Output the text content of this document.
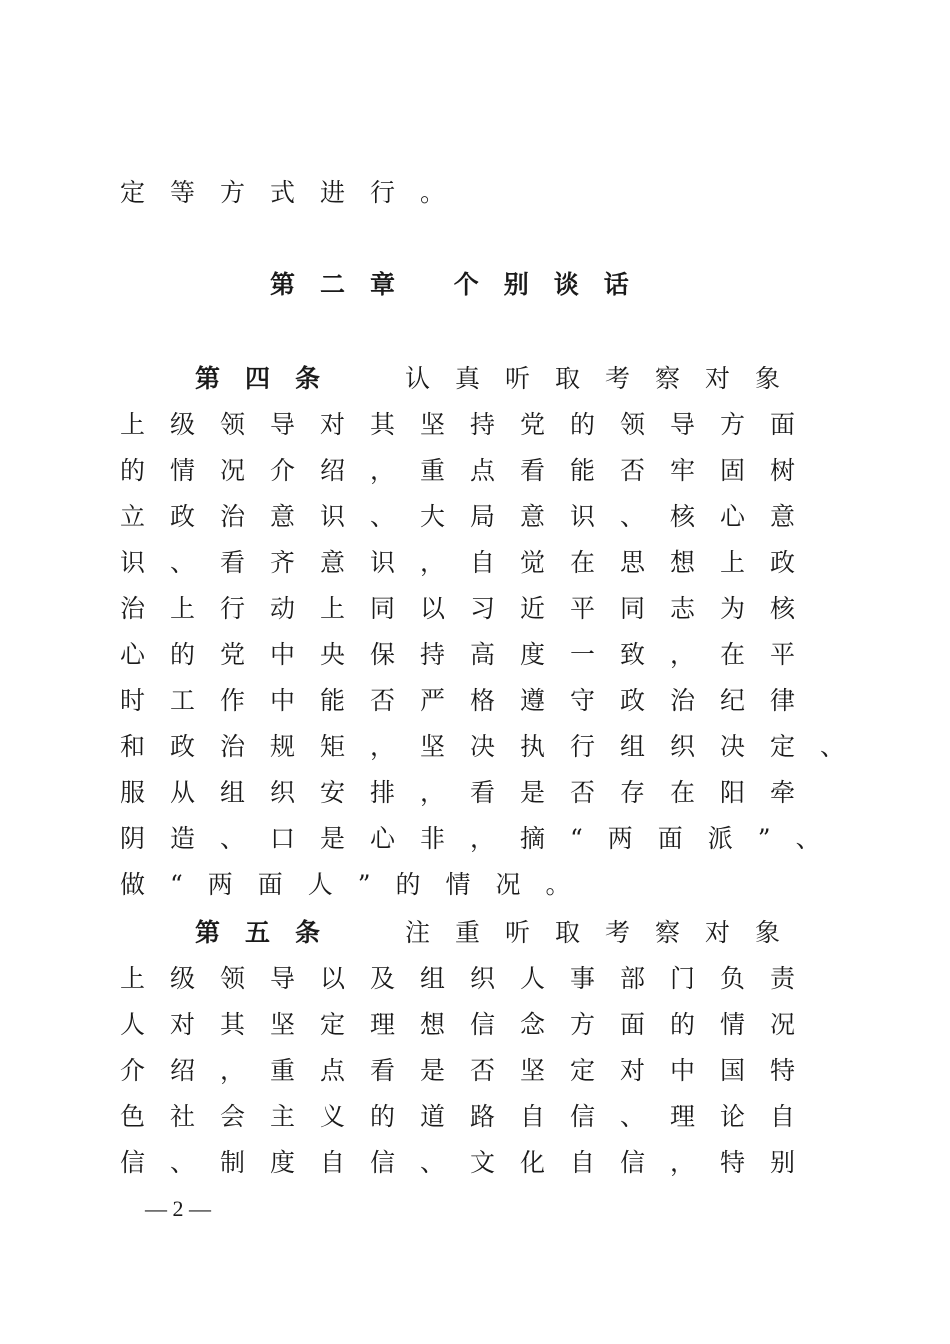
定等方式进行。
第二章 个别谈话
第四条 认真听取考察对象
上级领导对其坚持党的领导方面
的情况介绍，重点看能否牢固树
立政治意识、大局意识、核心意
识、看齐意识，自觉在思想上政
治上行动上同以习近平同志为核
心的党中央保持高度一致，在平
时工作中能否严格遵守政治纪律
和政治规矩，坚决执行组织决定、
服从组织安排，看是否存在阳牵
阴造、口是心非，摘“两面派”、
做“两面人”的情况。
第五条 注重听取考察对象
上级领导以及组织人事部门负责
人对其坚定理想信念方面的情况
介绍，重点看是否坚定对中国特
色社会主义的道路自信、理论自
信、制度自信、文化自信，特别
— 2 —
